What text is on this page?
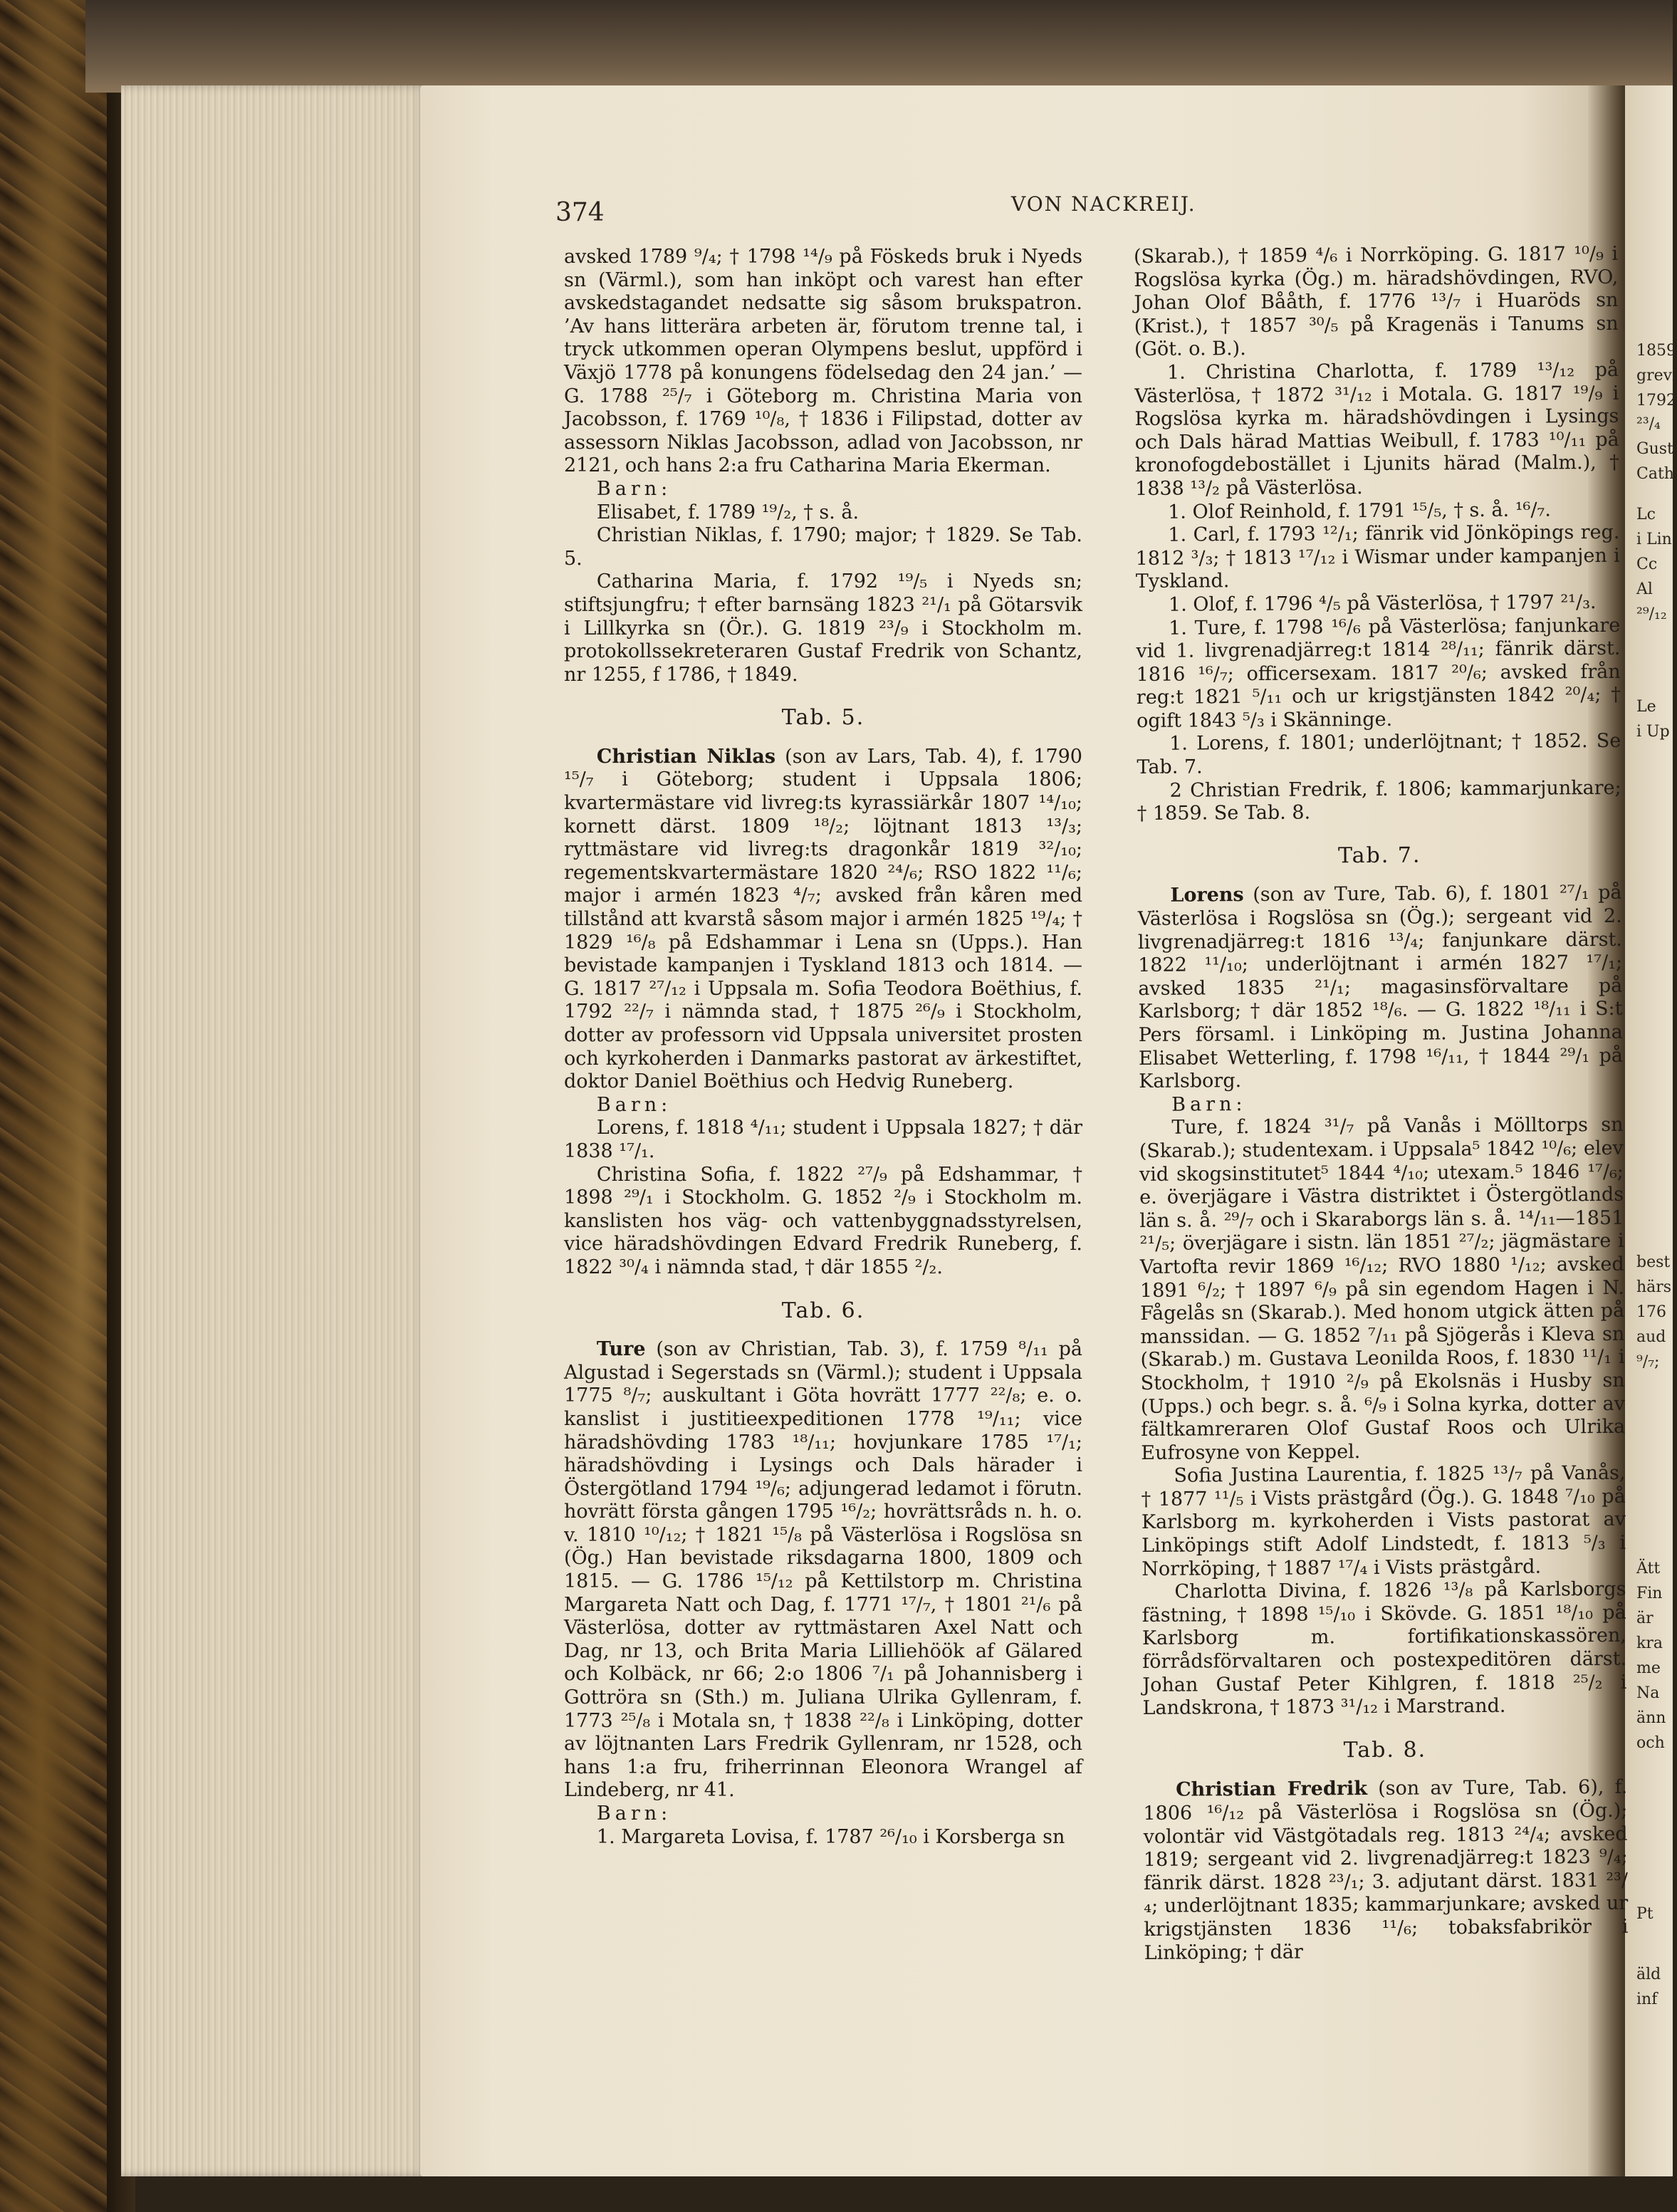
1859
grevi
1792
²³/₄
Gust
Cath
Lc
i Lin
Cc
Al
²⁹/₁₂
Le
i Up
best
härs
176
aud
⁹/₇;
Ätt
Fin
är
kra
me
Na
änn
och
Pt
äld
inf
374	VON NACKREIJ.

avsked 1789 ⁹/₄; † 1798 ¹⁴/₉ på Föskeds bruk i Nyeds sn (Värml.), som han inköpt och varest han efter avskedstagandet nedsatte sig såsom brukspatron. ’Av hans litterära arbeten är, förutom trenne tal, i tryck utkommen operan Olympens beslut, uppförd i Växjö 1778 på konungens födelsedag den 24 jan.’ — G. 1788 ²⁵/₇ i Göteborg m. Christina Maria von Jacobsson, f. 1769 ¹⁰/₈, † 1836 i Filipstad, dotter av assessorn Niklas Jacobsson, adlad von Jacobsson, nr 2121, och hans 2:a fru Catharina Maria Ekerman.

Barn:

Elisabet, f. 1789 ¹⁹/₂, † s. å.

Christian Niklas, f. 1790; major; † 1829. Se Tab. 5.

Catharina Maria, f. 1792 ¹⁹/₅ i Nyeds sn; stiftsjungfru; † efter barnsäng 1823 ²¹/₁ på Götarsvik i Lillkyrka sn (Ör.). G. 1819 ²³/₉ i Stockholm m. protokollssekreteraren Gustaf Fredrik von Schantz, nr 1255, f 1786, † 1849.

Tab. 5.

Christian Niklas (son av Lars, Tab. 4), f. 1790 ¹⁵/₇ i Göteborg; student i Uppsala 1806; kvartermästare vid livreg:ts kyrassiärkår 1807 ¹⁴/₁₀; kornett därst. 1809 ¹⁸/₂; löjtnant 1813 ¹³/₃; ryttmästare vid livreg:ts dragonkår 1819 ³²/₁₀; regementskvartermästare 1820 ²⁴/₆; RSO 1822 ¹¹/₆; major i armén 1823 ⁴/₇; avsked från kåren med tillstånd att kvarstå såsom major i armén 1825 ¹⁹/₄; † 1829 ¹⁶/₈ på Edshammar i Lena sn (Upps.). Han bevistade kampanjen i Tyskland 1813 och 1814. — G. 1817 ²⁷/₁₂ i Uppsala m. Sofia Teodora Boëthius, f. 1792 ²²/₇ i nämnda stad, † 1875 ²⁶/₉ i Stockholm, dotter av professorn vid Uppsala universitet prosten och kyrkoherden i Danmarks pastorat av ärkestiftet, doktor Daniel Boëthius och Hedvig Runeberg.

Barn:

Lorens, f. 1818 ⁴/₁₁; student i Uppsala 1827; † där 1838 ¹⁷/₁.

Christina Sofia, f. 1822 ²⁷/₉ på Edshammar, † 1898 ²⁹/₁ i Stockholm. G. 1852 ²/₉ i Stockholm m. kanslisten hos väg- och vattenbyggnadsstyrelsen, vice häradshövdingen Edvard Fredrik Runeberg, f. 1822 ³⁰/₄ i nämnda stad, † där 1855 ²/₂.

Tab. 6.

Ture (son av Christian, Tab. 3), f. 1759 ⁸/₁₁ på Algustad i Segerstads sn (Värml.); student i Uppsala 1775 ⁸/₇; auskultant i Göta hovrätt 1777 ²²/₈; e. o. kanslist i justitieexpeditionen 1778 ¹⁹/₁₁; vice häradshövding 1783 ¹⁸/₁₁; hovjunkare 1785 ¹⁷/₁; häradshövding i Lysings och Dals härader i Östergötland 1794 ¹⁹/₆; adjungerad ledamot i förutn. hovrätt första gången 1795 ¹⁶/₂; hovrättsråds n. h. o. v. 1810 ¹⁰/₁₂; † 1821 ¹⁵/₈ på Västerlösa i Rogslösa sn (Ög.) Han bevistade riksdagarna 1800, 1809 och 1815. — G. 1786 ¹⁵/₁₂ på Kettilstorp m. Christina Margareta Natt och Dag, f. 1771 ¹⁷/₇, † 1801 ²¹/₆ på Västerlösa, dotter av ryttmästaren Axel Natt och Dag, nr 13, och Brita Maria Lilliehöök af Gälared och Kolbäck, nr 66; 2:o 1806 ⁷/₁ på Johannisberg i Gottröra sn (Sth.) m. Juliana Ulrika Gyllenram, f. 1773 ²⁵/₈ i Motala sn, † 1838 ²²/₈ i Linköping, dotter av löjtnanten Lars Fredrik Gyllenram, nr 1528, och hans 1:a fru, friherrinnan Eleonora Wrangel af Lindeberg, nr 41.

Barn:

1. Margareta Lovisa, f. 1787 ²⁶/₁₀ i Korsberga sn

(Skarab.), † 1859 ⁴/₆ i Norrköping. G. 1817 ¹⁰/₉ i Rogslösa kyrka (Ög.) m. häradshövdingen, RVO, Johan Olof Bååth, f. 1776 ¹³/₇ i Huaröds sn (Krist.), † 1857 ³⁰/₅ på Kragenäs i Tanums sn (Göt. o. B.).

1. Christina Charlotta, f. 1789 ¹³/₁₂ på Västerlösa, † 1872 ³¹/₁₂ i Motala. G. 1817 ¹⁹/₉ i Rogslösa kyrka m. häradshövdingen i Lysings och Dals härad Mattias Weibull, f. 1783 ¹⁰/₁₁ på kronofogdebostället i Ljunits härad (Malm.), † 1838 ¹³/₂ på Västerlösa.

1. Olof Reinhold, f. 1791 ¹⁵/₅, † s. å. ¹⁶/₇.

1. Carl, f. 1793 ¹²/₁; fänrik vid Jönköpings reg. 1812 ³/₃; † 1813 ¹⁷/₁₂ i Wismar under kampanjen i Tyskland.

1. Olof, f. 1796 ⁴/₅ på Västerlösa, † 1797 ²¹/₃.

1. Ture, f. 1798 ¹⁶/₆ på Västerlösa; fanjunkare vid 1. livgrenadjärreg:t 1814 ²⁸/₁₁; fänrik därst. 1816 ¹⁶/₇; officersexam. 1817 ²⁰/₆; avsked från reg:t 1821 ⁵/₁₁ och ur krigstjänsten 1842 ²⁰/₄; † ogift 1843 ⁵/₃ i Skänninge.

1. Lorens, f. 1801; underlöjtnant; † 1852. Se Tab. 7.

2 Christian Fredrik, f. 1806; kammarjunkare; † 1859. Se Tab. 8.

Tab. 7.

Lorens (son av Ture, Tab. 6), f. 1801 ²⁷/₁ på Västerlösa i Rogslösa sn (Ög.); sergeant vid 2. livgrenadjärreg:t 1816 ¹³/₄; fanjunkare därst. 1822 ¹¹/₁₀; underlöjtnant i armén 1827 ¹⁷/₁; avsked 1835 ²¹/₁; magasinsförvaltare på Karlsborg; † där 1852 ¹⁸/₆. — G. 1822 ¹⁸/₁₁ i S:t Pers församl. i Linköping m. Justina Johanna Elisabet Wetterling, f. 1798 ¹⁶/₁₁, † 1844 ²⁹/₁ på Karlsborg.

Barn:

Ture, f. 1824 ³¹/₇ på Vanås i Mölltorps sn (Skarab.); studentexam. i Uppsala⁵ 1842 ¹⁰/₆; elev vid skogsinstitutet⁵ 1844 ⁴/₁₀; utexam.⁵ 1846 ¹⁷/₆; e. överjägare i Västra distriktet i Östergötlands län s. å. ²⁹/₇ och i Skaraborgs län s. å. ¹⁴/₁₁—1851 ²¹/₅; överjägare i sistn. län 1851 ²⁷/₂; jägmästare i Vartofta revir 1869 ¹⁶/₁₂; RVO 1880 ¹/₁₂; avsked 1891 ⁶/₂; † 1897 ⁶/₉ på sin egendom Hagen i N. Fågelås sn (Skarab.). Med honom utgick ätten på manssidan. — G. 1852 ⁷/₁₁ på Sjögerås i Kleva sn (Skarab.) m. Gustava Leonilda Roos, f. 1830 ¹¹/₁ i Stockholm, † 1910 ²/₉ på Ekolsnäs i Husby sn (Upps.) och begr. s. å. ⁶/₉ i Solna kyrka, dotter av fältkamreraren Olof Gustaf Roos och Ulrika Eufrosyne von Keppel.

Sofia Justina Laurentia, f. 1825 ¹³/₇ på Vanås, † 1877 ¹¹/₅ i Vists prästgård (Ög.). G. 1848 ⁷/₁₀ på Karlsborg m. kyrkoherden i Vists pastorat av Linköpings stift Adolf Lindstedt, f. 1813 ⁵/₃ i Norrköping, † 1887 ¹⁷/₄ i Vists prästgård.

Charlotta Divina, f. 1826 ¹³/₈ på Karlsborgs fästning, † 1898 ¹⁵/₁₀ i Skövde. G. 1851 ¹⁸/₁₀ på Karlsborg m. fortifikationskassören, förrådsförvaltaren och postexpeditören därst. Johan Gustaf Peter Kihlgren, f. 1818 ²⁵/₂ i Landskrona, † 1873 ³¹/₁₂ i Marstrand.

Tab. 8.

Christian Fredrik (son av Ture, Tab. 6), f. 1806 ¹⁶/₁₂ på Västerlösa i Rogslösa sn (Ög.); volontär vid Västgötadals reg. 1813 ²⁴/₄; avsked 1819; sergeant vid 2. livgrenadjärreg:t 1823 ⁹/₄; fänrik därst. 1828 ²³/₁; 3. adjutant därst. 1831 ²³/₄; underlöjtnant 1835; kammarjunkare; avsked ur krigstjänsten 1836 ¹¹/₆; tobaksfabrikör i Linköping; † där
